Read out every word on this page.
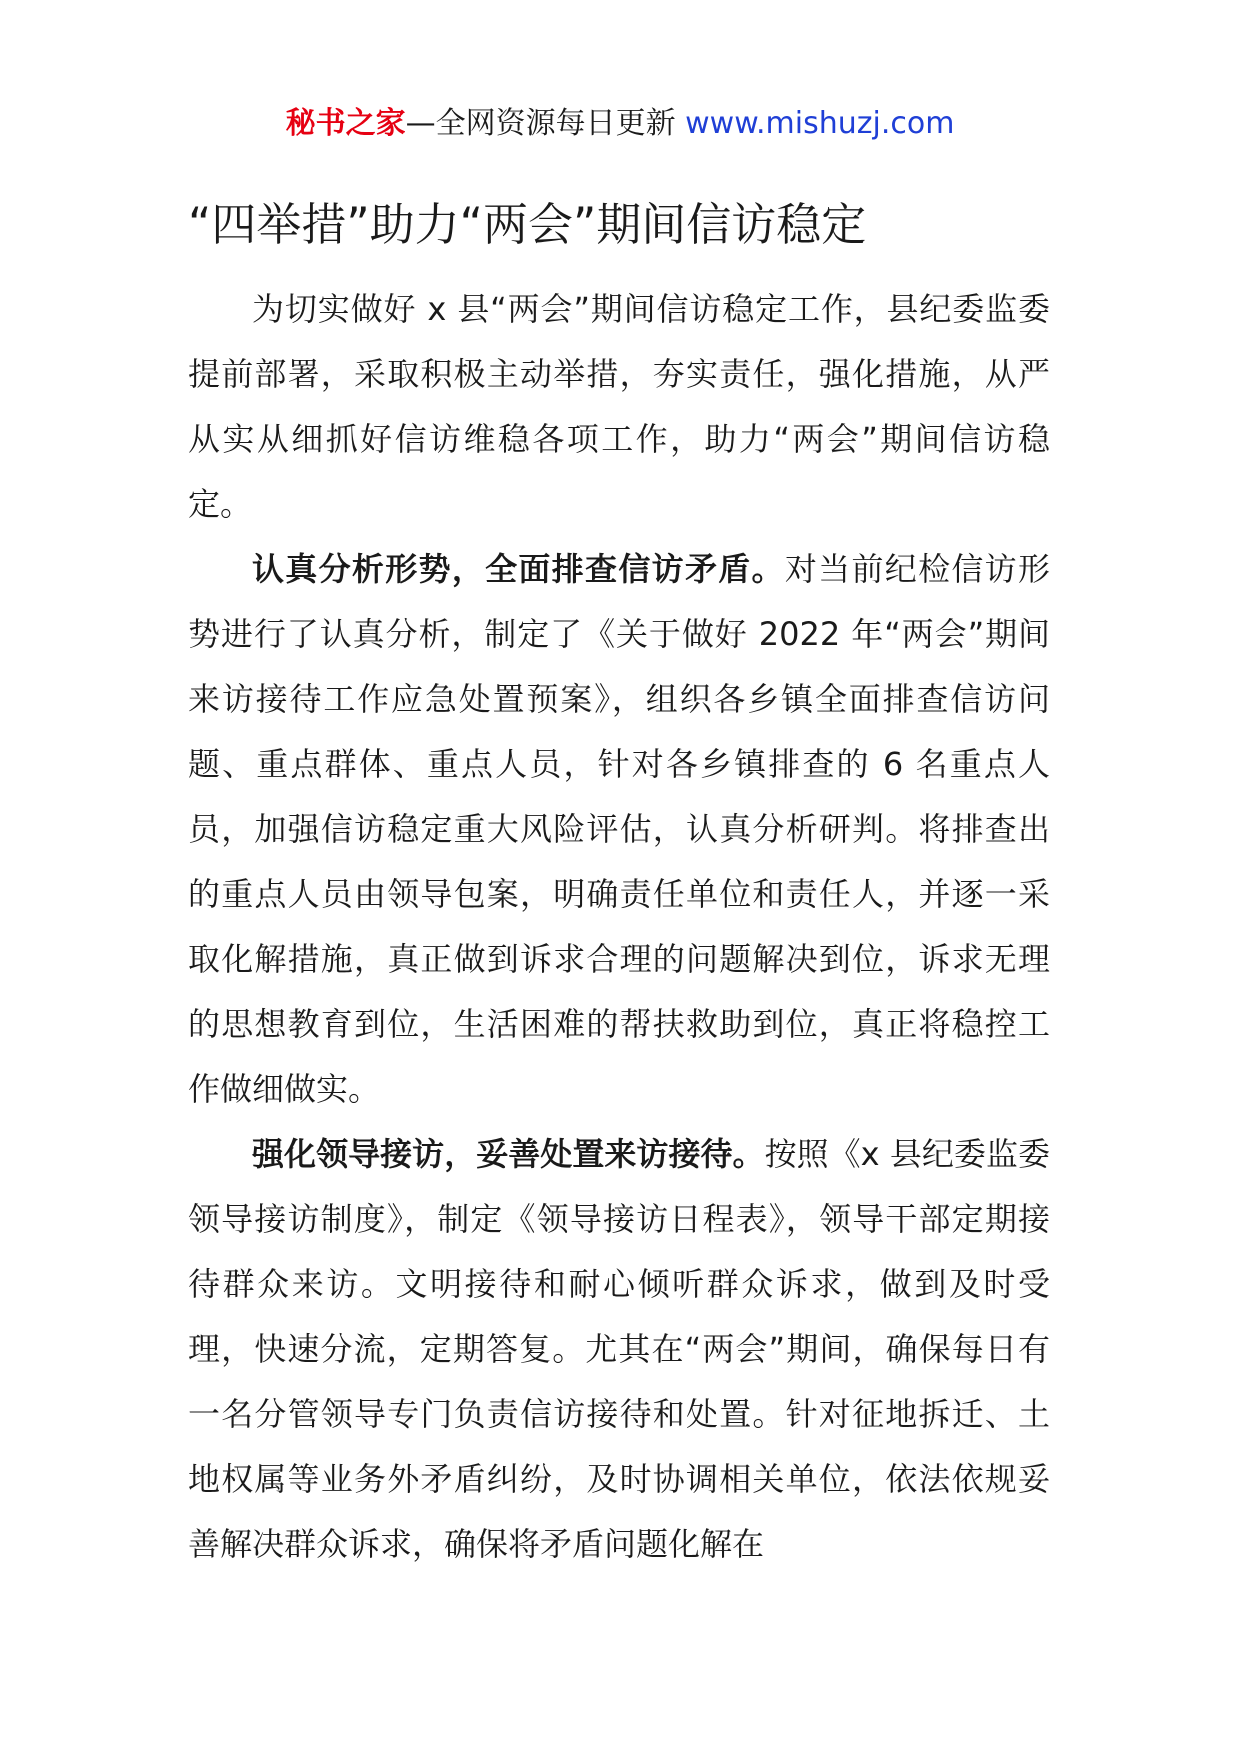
秘书之家—全网资源每日更新 www.mishuzj.com
“四举措”助力“两会”期间信访稳定

为切实做好 x 县“两会”期间信访稳定工作，县纪委监委提前部署，采取积极主动举措，夯实责任，强化措施，从严从实从细抓好信访维稳各项工作，助力“两会”期间信访稳定。

认真分析形势，全面排查信访矛盾。对当前纪检信访形势进行了认真分析，制定了《关于做好 2022 年“两会”期间来访接待工作应急处置预案》，组织各乡镇全面排查信访问题、重点群体、重点人员，针对各乡镇排查的 6 名重点人员，加强信访稳定重大风险评估，认真分析研判。将排查出的重点人员由领导包案，明确责任单位和责任人，并逐一采取化解措施，真正做到诉求合理的问题解决到位，诉求无理的思想教育到位，生活困难的帮扶救助到位，真正将稳控工作做细做实。

强化领导接访，妥善处置来访接待。按照《x 县纪委监委领导接访制度》，制定《领导接访日程表》，领导干部定期接待群众来访。文明接待和耐心倾听群众诉求，做到及时受理，快速分流，定期答复。尤其在“两会”期间，确保每日有一名分管领导专门负责信访接待和处置。针对征地拆迁、土地权属等业务外矛盾纠纷，及时协调相关单位，依法依规妥善解决群众诉求，确保将矛盾问题化解在
